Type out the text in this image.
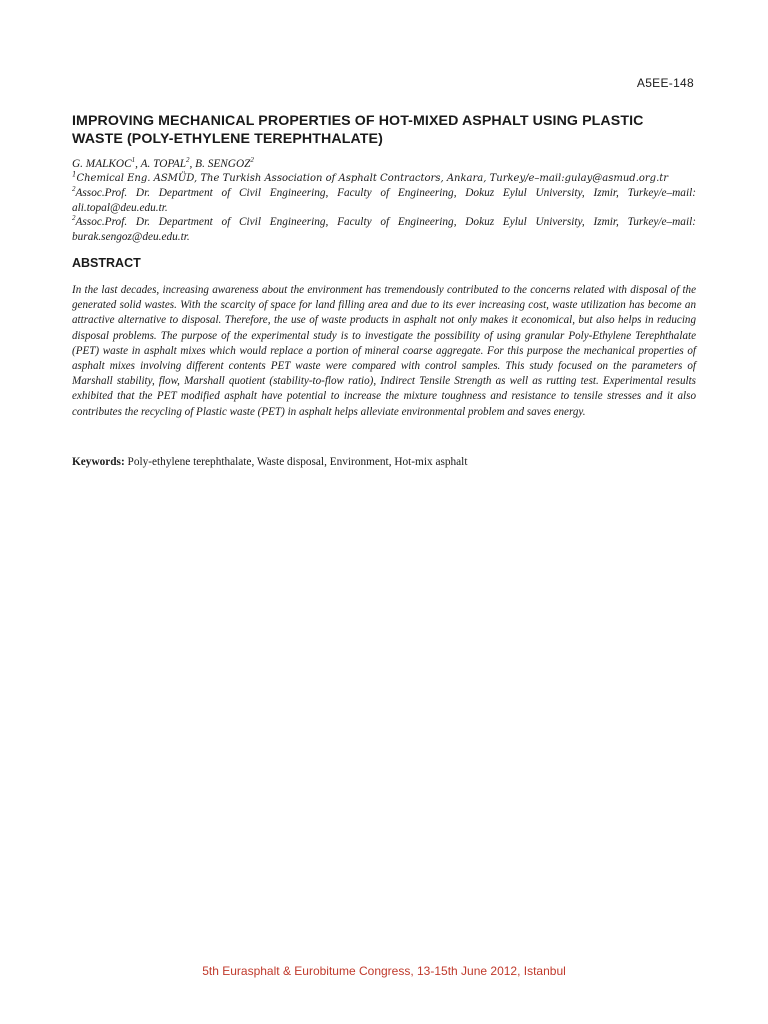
A5EE-148
IMPROVING MECHANICAL PROPERTIES OF HOT-MIXED ASPHALT USING PLASTIC WASTE (POLY-ETHYLENE TEREPHTHALATE)
G. MALKOC$^1$, A. TOPAL$^2$, B. SENGOZ$^2$
$^1$Chemical Eng. ASMÜD, The Turkish Association of Asphalt Contractors, Ankara, Turkey/e–mail:gulay@asmud.org.tr
$^2$Assoc.Prof. Dr. Department of Civil Engineering, Faculty of Engineering, Dokuz Eylul University, Izmir, Turkey/e–mail: ali.topal@deu.edu.tr.
$^2$Assoc.Prof. Dr. Department of Civil Engineering, Faculty of Engineering, Dokuz Eylul University, Izmir, Turkey/e–mail: burak.sengoz@deu.edu.tr.
ABSTRACT

In the last decades, increasing awareness about the environment has tremendously contributed to the concerns related with disposal of the generated solid wastes. With the scarcity of space for land filling area and due to its ever increasing cost, waste utilization has become an attractive alternative to disposal. Therefore, the use of waste products in asphalt not only makes it economical, but also helps in reducing disposal problems. The purpose of the experimental study is to investigate the possibility of using granular Poly-Ethylene Terephthalate (PET) waste in asphalt mixes which would replace a portion of mineral coarse aggregate. For this purpose the mechanical properties of asphalt mixes involving different contents PET waste were compared with control samples. This study focused on the parameters of Marshall stability, flow, Marshall quotient (stability-to-flow ratio), Indirect Tensile Strength as well as rutting test. Experimental results exhibited that the PET modified asphalt have potential to increase the mixture toughness and resistance to tensile stresses and it also contributes the recycling of Plastic waste (PET) in asphalt helps alleviate environmental problem and saves energy.

Keywords: Poly-ethylene terephthalate, Waste disposal, Environment, Hot-mix asphalt

5th Eurasphalt & Eurobitume Congress, 13-15th June 2012, Istanbul
